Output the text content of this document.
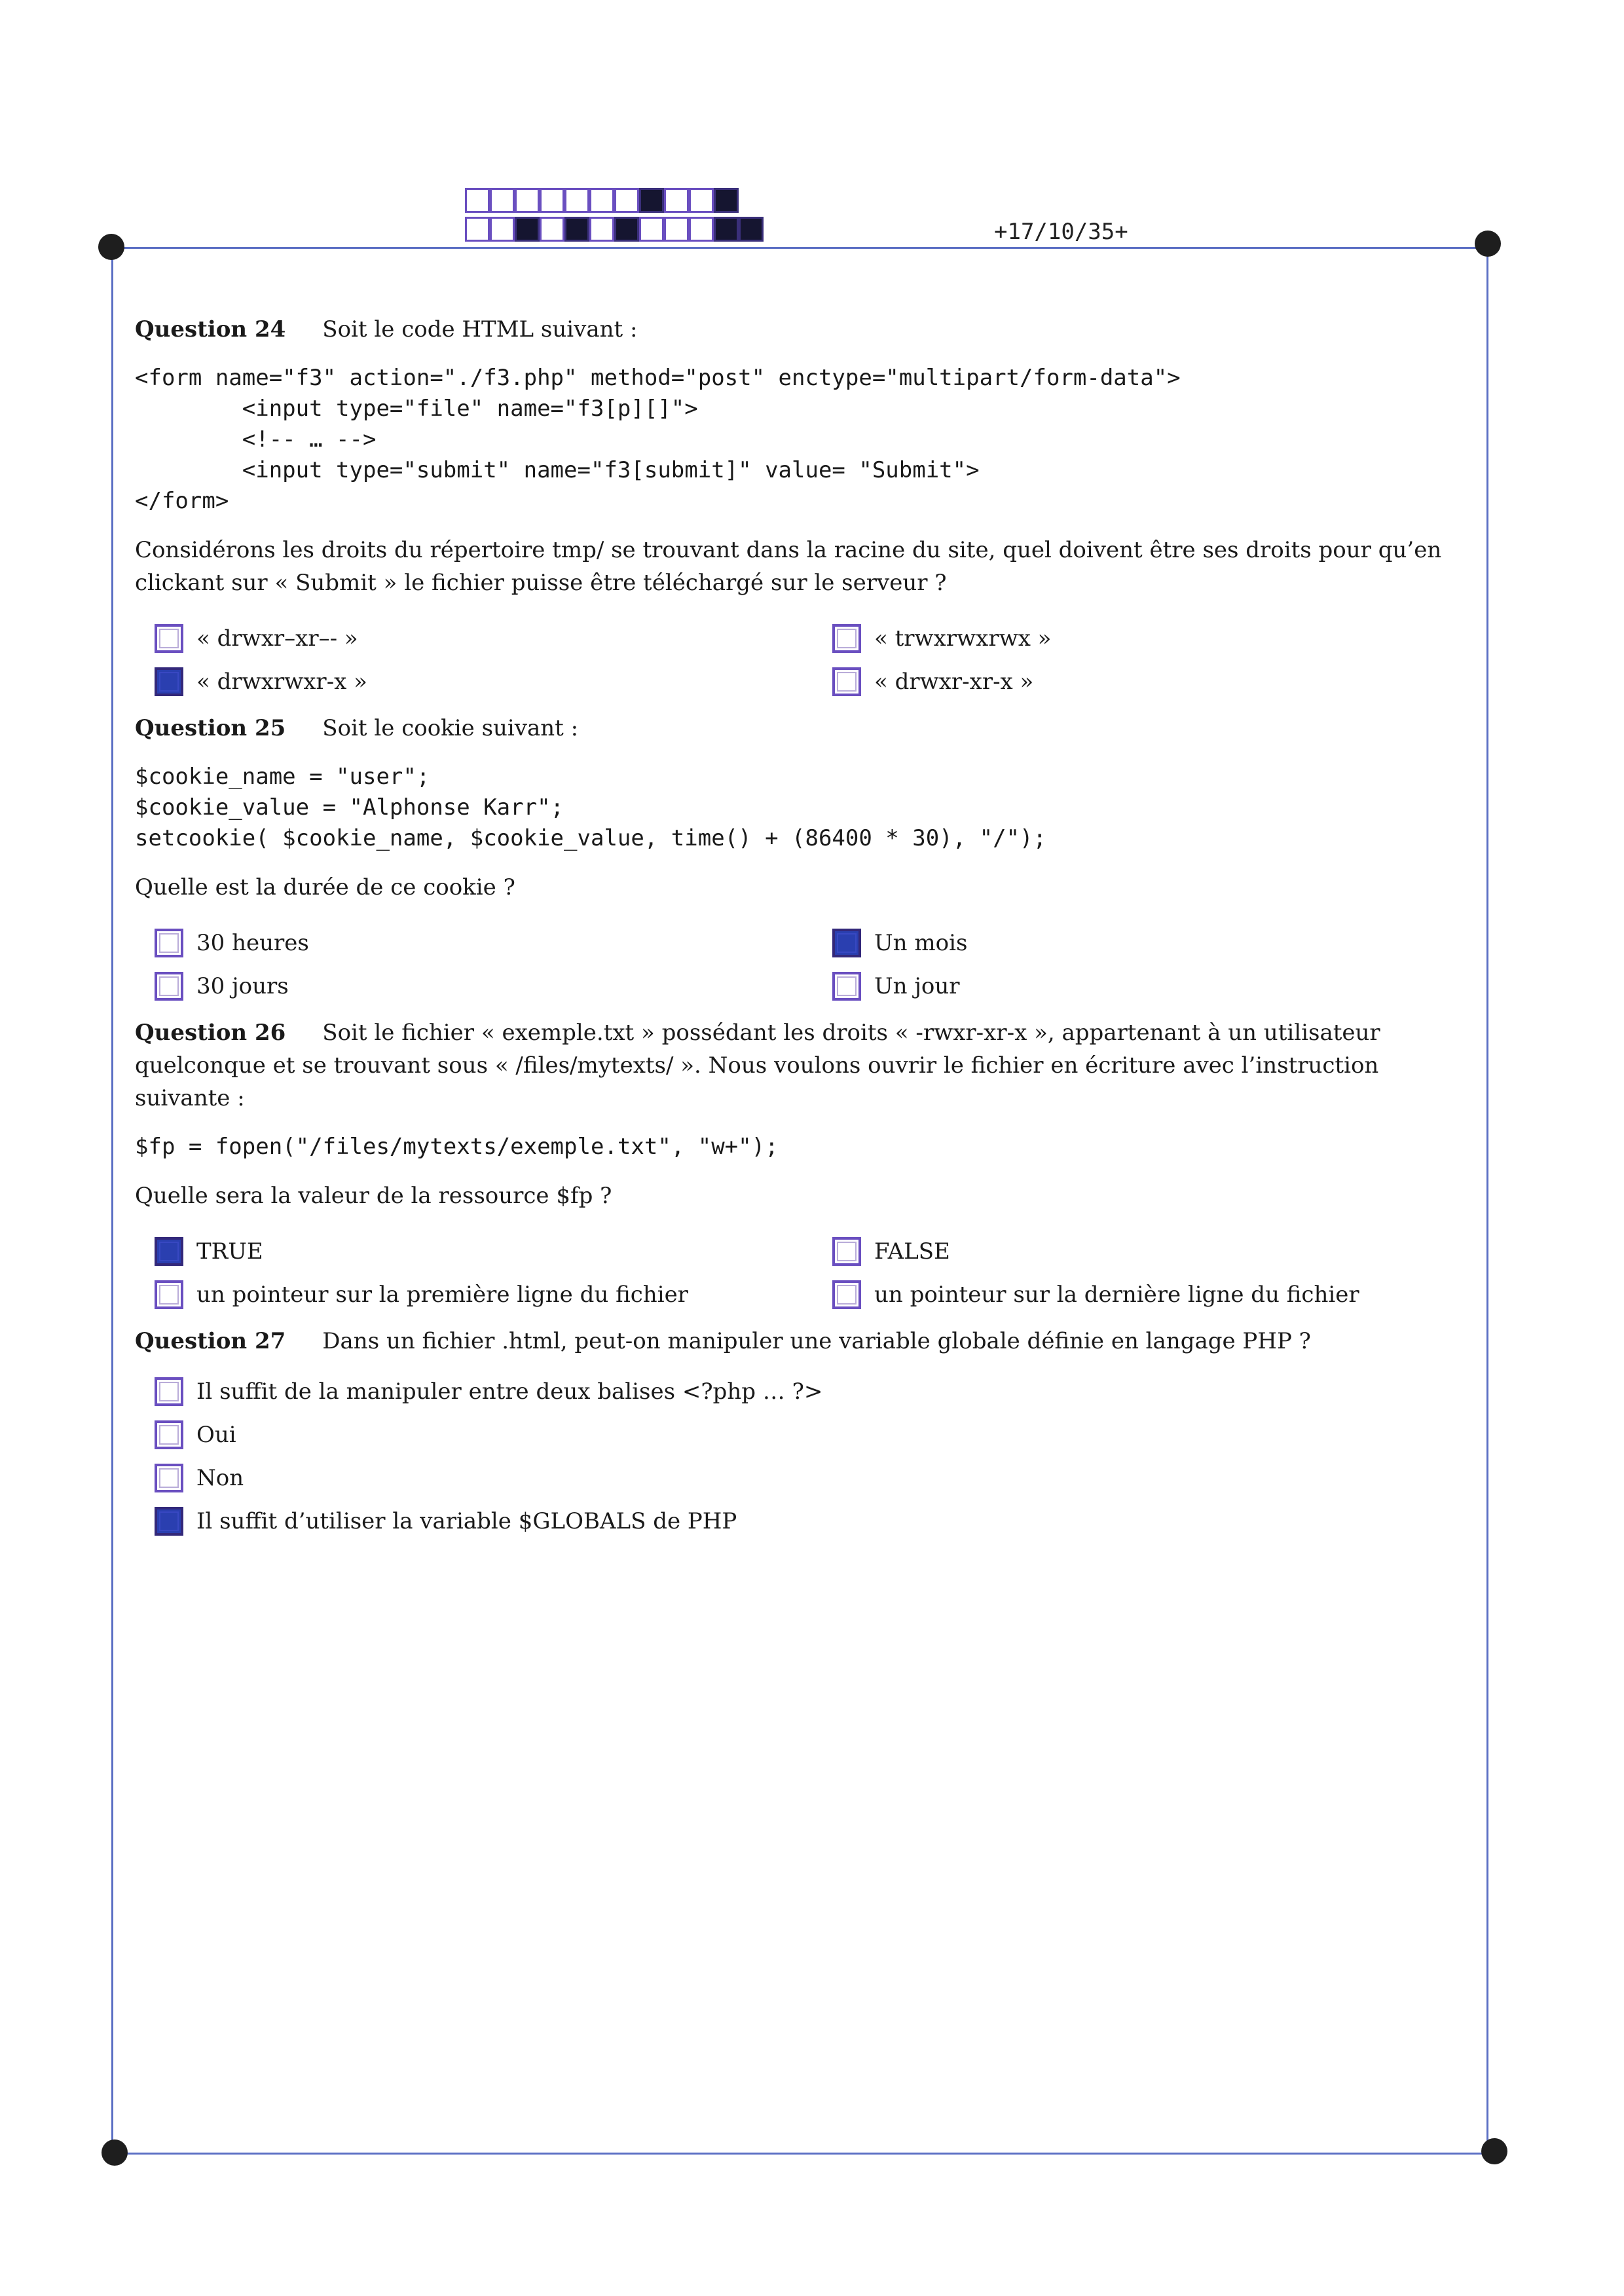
+17/10/35+

Question 24 Soit le code HTML suivant :

<form name="f3" action="./f3.php" method="post" enctype="multipart/form-data">
<input type="file" name="f3[p][]">
<!-- … -->
<input type="submit" name="f3[submit]" value= "Submit">
</form>

Considérons les droits du répertoire tmp/ se trouvant dans la racine du site, quel doivent être ses droits pour qu’en clickant sur « Submit » le fichier puisse être téléchargé sur le serveur ?

« drwxr–xr–- »	« trwxrwxrwx »
« drwxrwxr-x »	« drwxr-xr-x »

Question 25 Soit le cookie suivant :

$cookie_name = "user";
$cookie_value = "Alphonse Karr";
setcookie( $cookie_name, $cookie_value, time() + (86400 * 30), "/");

Quelle est la durée de ce cookie ?

30 heures	Un mois
30 jours	Un jour

Question 26 Soit le fichier « exemple.txt » possédant les droits « -rwxr-xr-x », appartenant à un utilisateur quelconque et se trouvant sous « /files/mytexts/ ». Nous voulons ouvrir le fichier en écriture avec l’instruction suivante :

$fp = fopen("/files/mytexts/exemple.txt", "w+");

Quelle sera la valeur de la ressource $fp ?

TRUE	FALSE
un pointeur sur la première ligne du fichier	un pointeur sur la dernière ligne du fichier

Question 27 Dans un fichier .html, peut-on manipuler une variable globale définie en langage PHP ?

Il suffit de la manipuler entre deux balises <?php … ?>
Oui
Non
Il suffit d’utiliser la variable $GLOBALS de PHP
